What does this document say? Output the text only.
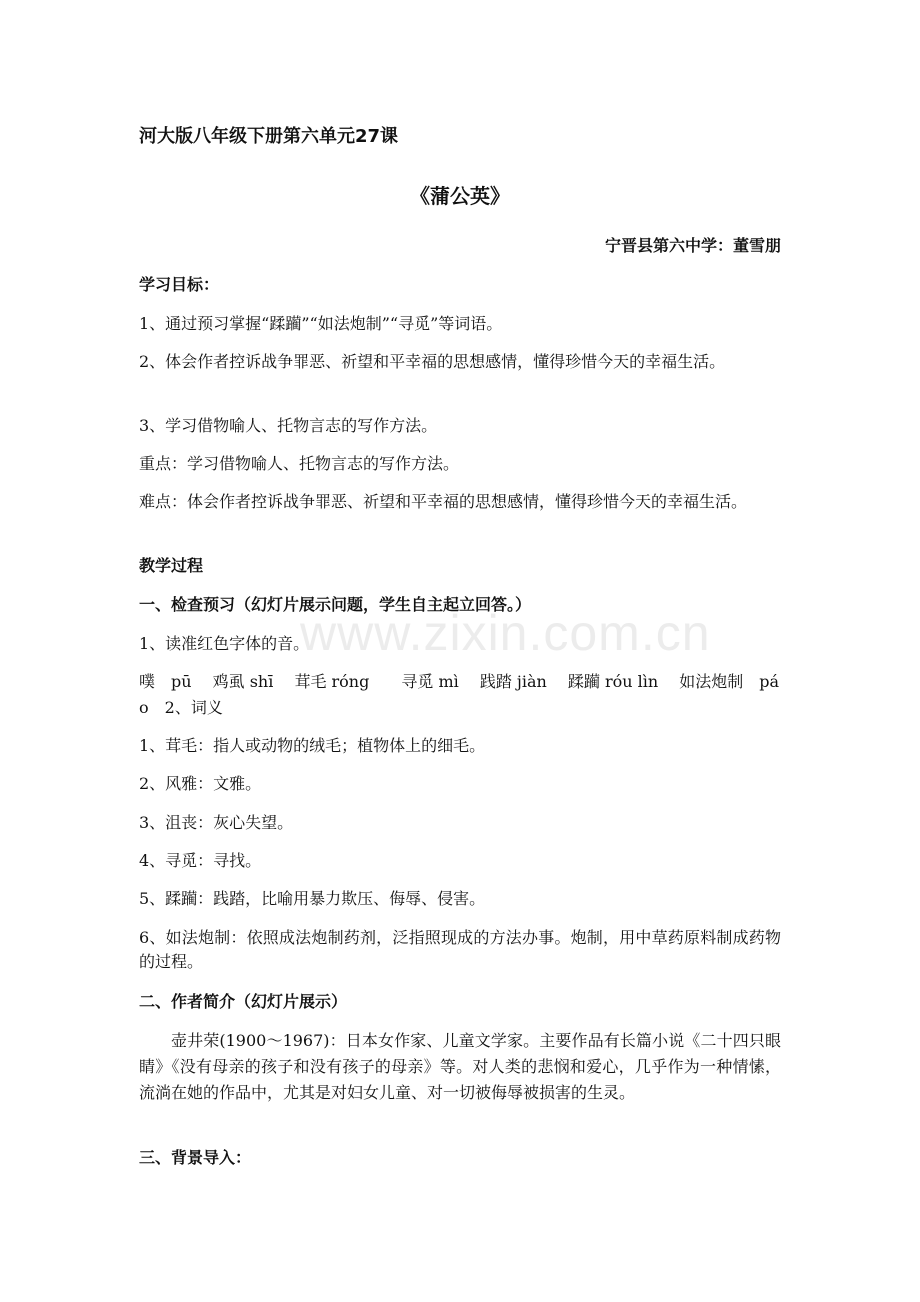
河大版八年级下册第六单元27课
《蒲公英》
宁晋县第六中学：董雪朋
学习目标：
1、通过预习掌握“蹂躏”“如法炮制”“寻觅”等词语。
2、体会作者控诉战争罪恶、祈望和平幸福的思想感情，懂得珍惜今天的幸福生活。
3、学习借物喻人、托物言志的写作方法。
重点：学习借物喻人、托物言志的写作方法。
难点：体会作者控诉战争罪恶、祈望和平幸福的思想感情，懂得珍惜今天的幸福生活。
教学过程
一、检查预习（幻灯片展示问题，学生自主起立回答。）
1、读准红色字体的音。
噗　pū　 鸡虱 shī　 茸毛 róng　　寻觅 mì　 践踏 jiàn　 蹂躏 róu lìn　 如法炮制　pá
o　2、词义
1、茸毛：指人或动物的绒毛；植物体上的细毛。
2、风雅：文雅。
3、沮丧：灰心失望。
4、寻觅：寻找。
5、蹂躏：践踏，比喻用暴力欺压、侮辱、侵害。
6、如法炮制：依照成法炮制药剂，泛指照现成的方法办事。炮制，用中草药原料制成药物的过程。
二、作者简介（幻灯片展示）
壶井荣(1900～1967)：日本女作家、儿童文学家。主要作品有长篇小说《二十四只眼睛》《没有母亲的孩子和没有孩子的母亲》等。对人类的悲悯和爱心，几乎作为一种情愫，流淌在她的作品中，尤其是对妇女儿童、对一切被侮辱被损害的生灵。
三、背景导入：
www.zixin.com.cn
